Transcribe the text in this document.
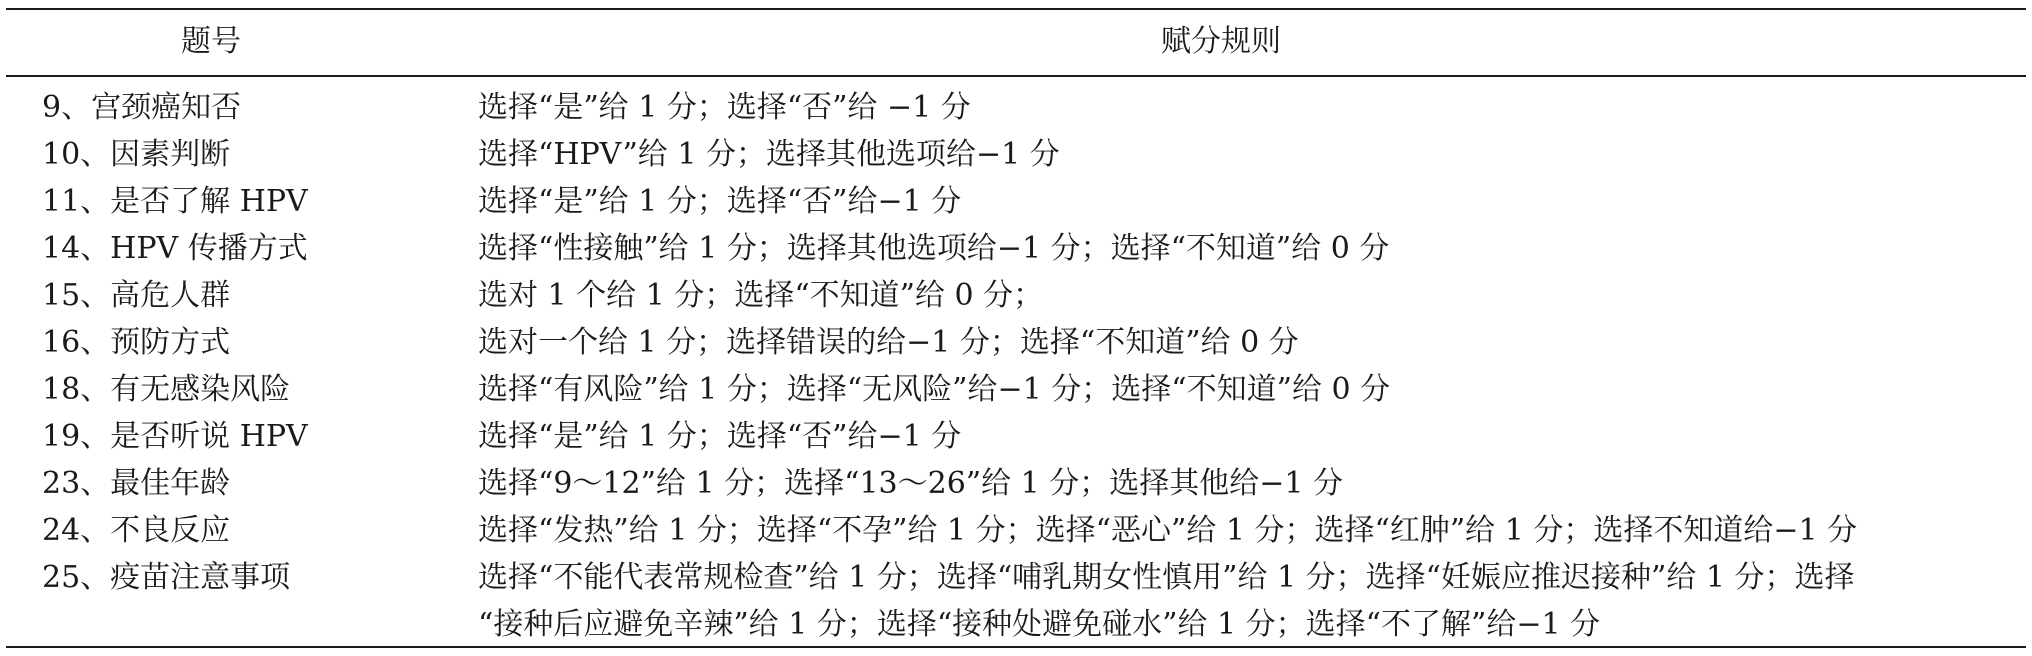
题号	赋分规则
9、宫颈癌知否	选择“是”给 1 分；选择“否”给 −1 分
10、因素判断	选择“HPV”给 1 分；选择其他选项给−1 分
11、是否了解 HPV	选择“是”给 1 分；选择“否”给−1 分
14、HPV 传播方式	选择“性接触”给 1 分；选择其他选项给−1 分；选择“不知道”给 0 分
15、高危人群	选对 1 个给 1 分；选择“不知道”给 0 分；
16、预防方式	选对一个给 1 分；选择错误的给−1 分；选择“不知道”给 0 分
18、有无感染风险	选择“有风险”给 1 分；选择“无风险”给−1 分；选择“不知道”给 0 分
19、是否听说 HPV	选择“是”给 1 分；选择“否”给−1 分
23、最佳年龄	选择“9～12”给 1 分；选择“13～26”给 1 分；选择其他给−1 分
24、不良反应	选择“发热”给 1 分；选择“不孕”给 1 分；选择“恶心”给 1 分；选择“红肿”给 1 分；选择不知道给−1 分
25、疫苗注意事项	选择“不能代表常规检查”给 1 分；选择“哺乳期女性慎用”给 1 分；选择“妊娠应推迟接种”给 1 分；选择
“接种后应避免辛辣”给 1 分；选择“接种处避免碰水”给 1 分；选择“不了解”给−1 分
